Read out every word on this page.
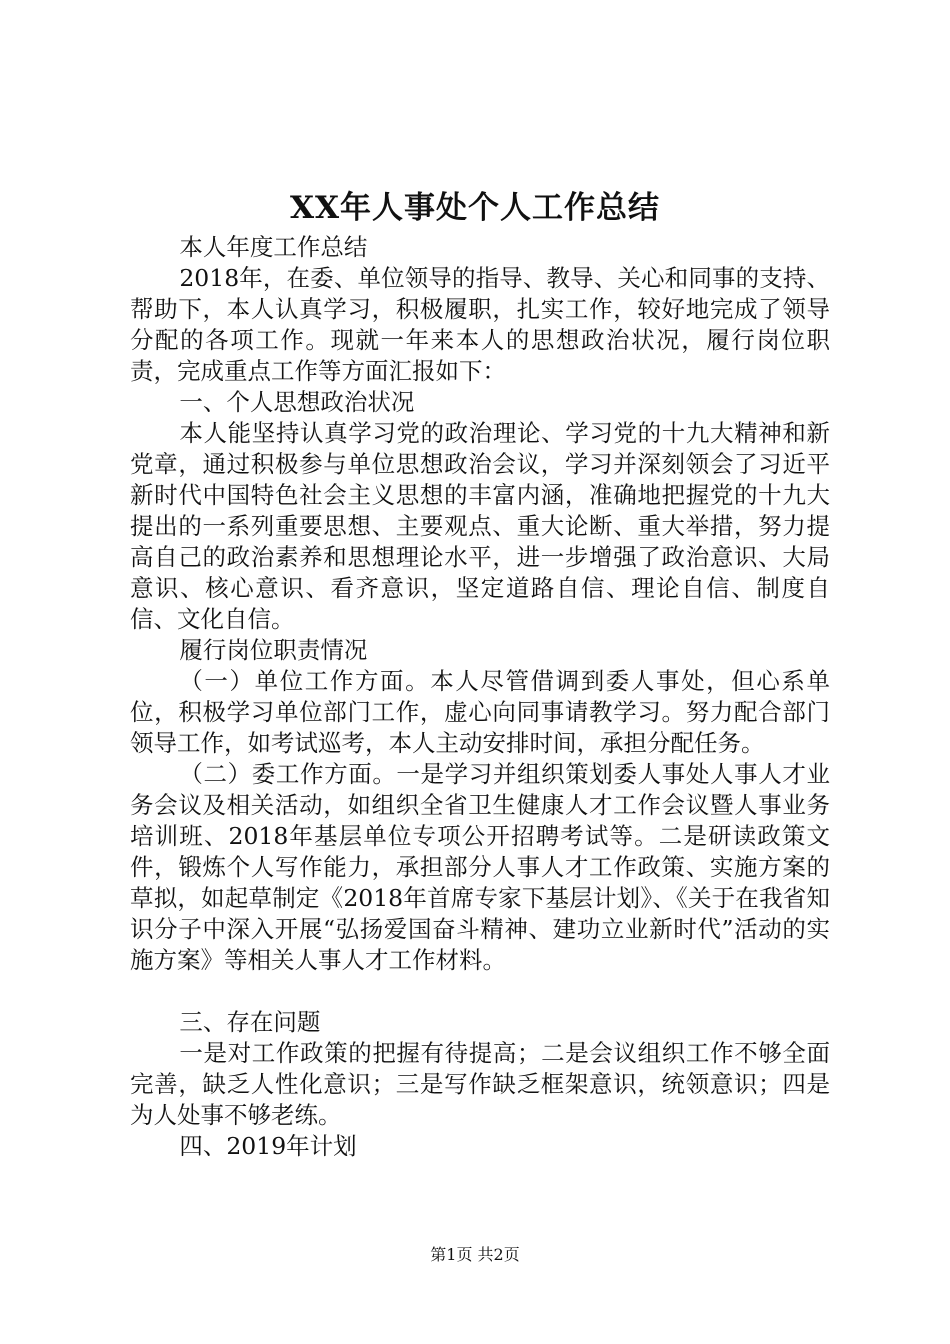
XX年人事处个人工作总结

本人年度工作总结

2018年，在委、单位领导的指导、教导、关心和同事的支持、帮助下，本人认真学习，积极履职，扎实工作，较好地完成了领导分配的各项工作。现就一年来本人的思想政治状况，履行岗位职责，完成重点工作等方面汇报如下：

一、个人思想政治状况

本人能坚持认真学习党的政治理论、学习党的十九大精神和新党章，通过积极参与单位思想政治会议，学习并深刻领会了习近平新时代中国特色社会主义思想的丰富内涵，准确地把握党的十九大提出的一系列重要思想、主要观点、重大论断、重大举措，努力提高自己的政治素养和思想理论水平，进一步增强了政治意识、大局意识、核心意识、看齐意识，坚定道路自信、理论自信、制度自信、文化自信。

履行岗位职责情况

（一）单位工作方面。本人尽管借调到委人事处，但心系单位，积极学习单位部门工作，虚心向同事请教学习。努力配合部门领导工作，如考试巡考，本人主动安排时间，承担分配任务。

（二）委工作方面。一是学习并组织策划委人事处人事人才业务会议及相关活动，如组织全省卫生健康人才工作会议暨人事业务培训班、2018年基层单位专项公开招聘考试等。二是研读政策文件，锻炼个人写作能力，承担部分人事人才工作政策、实施方案的草拟，如起草制定《2018年首席专家下基层计划》、《关于在我省知识分子中深入开展“弘扬爱国奋斗精神、建功立业新时代”活动的实施方案》等相关人事人才工作材料。

三、存在问题

一是对工作政策的把握有待提高；二是会议组织工作不够全面完善，缺乏人性化意识；三是写作缺乏框架意识，统领意识；四是为人处事不够老练。

四、2019年计划

第1页 共2页
